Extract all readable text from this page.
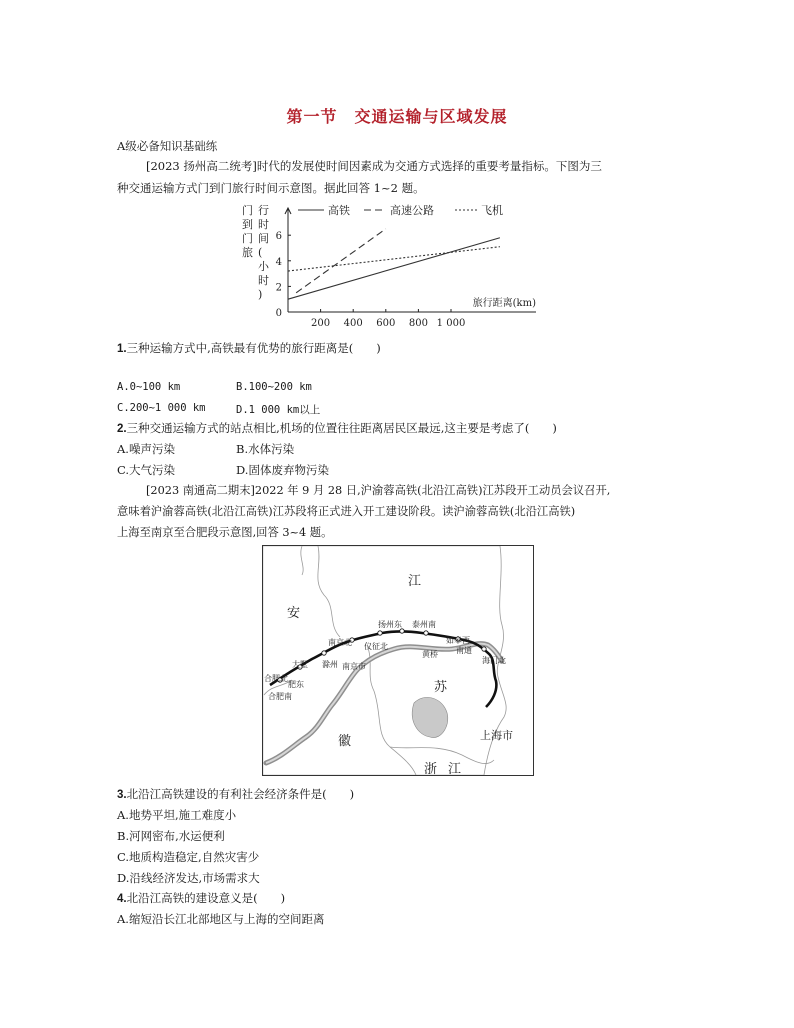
第一节　交通运输与区域发展
A级必备知识基础练
[2023 扬州高二统考]时代的发展使时间因素成为交通方式选择的重要考量指标。下图为三
种交通运输方式门到门旅行时间示意图。据此回答 1~2 题。
门
到
门
旅
行
时
间
(
小
时
)
旅行距离(km)
200 400 600 800 1 000
0
2
4
6
高铁	高速公路	飞机
1.三种运输方式中,高铁最有优势的旅行距离是(　　)
A.0~100 km	B.100~200 km
C.200~1 000 km	D.1 000 km以上
2.三种交通运输方式的站点相比,机场的位置往往距离居民区最远,这主要是考虑了(　　)
A.噪声污染	B.水体污染
C.大气污染	D.固体废弃物污染
[2023 南通高二期末]2022 年 9 月 28 日,沪渝蓉高铁(北沿江高铁)江苏段开工动员会议召开,
意味着沪渝蓉高铁(北沿江高铁)江苏段将正式进入开工建设阶段。读沪渝蓉高铁(北沿江高铁)
上海至南京至合肥段示意图,回答 3~4 题。
江
安
苏
徽
浙 江
扬州东 泰州南
南京北 仪征北
如皋西
南通
黄桥
海门北
大墅 滁州 南京市
合肥北
肥东
合肥南
上海市
3.北沿江高铁建设的有利社会经济条件是(　　)
A.地势平坦,施工难度小
B.河网密布,水运便利
C.地质构造稳定,自然灾害少
D.沿线经济发达,市场需求大
4.北沿江高铁的建设意义是(　　)
A.缩短沿长江北部地区与上海的空间距离
